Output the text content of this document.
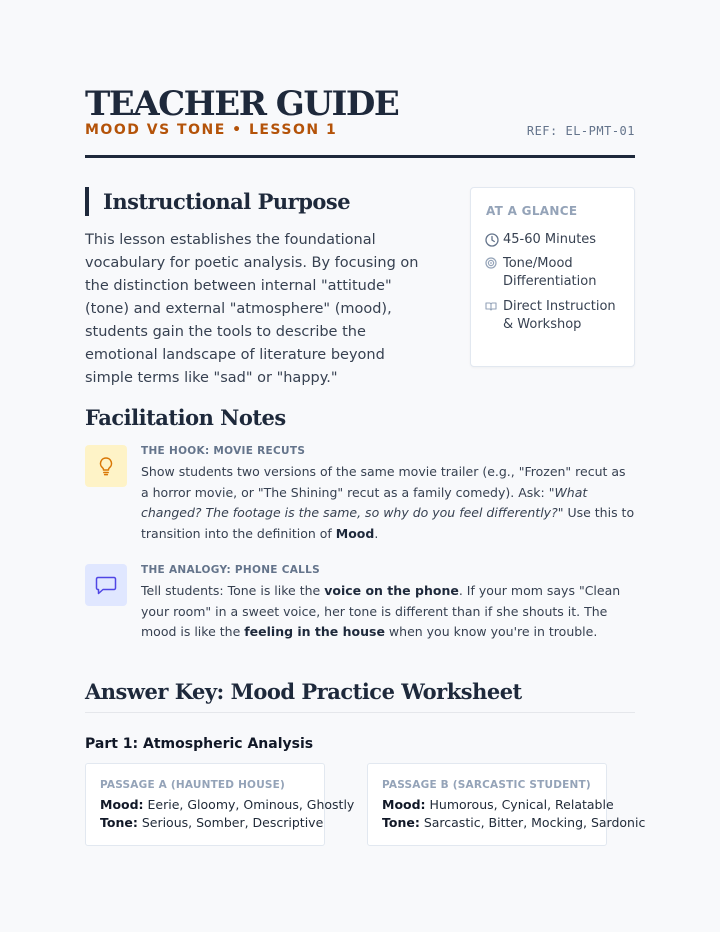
TEACHER GUIDE
MOOD VS TONE • LESSON 1	REF: EL-PMT-01
Instructional Purpose

This lesson establishes the foundational vocabulary for poetic analysis. By focusing on the distinction between internal "attitude" (tone) and external "atmosphere" (mood), students gain the tools to describe the emotional landscape of literature beyond simple terms like "sad" or "happy."

AT A GLANCE
45-60 Minutes
Tone/Mood Differentiation
Direct Instruction & Workshop
Facilitation Notes
THE HOOK: MOVIE RECUTS

Show students two versions of the same movie trailer (e.g., "Frozen" recut as a horror movie, or "The Shining" recut as a family comedy). Ask: "What changed? The footage is the same, so why do you feel differently?" Use this to transition into the definition of Mood.

THE ANALOGY: PHONE CALLS

Tell students: Tone is like the voice on the phone. If your mom says "Clean your room" in a sweet voice, her tone is different than if she shouts it. The mood is like the feeling in the house when you know you're in trouble.

Answer Key: Mood Practice Worksheet
Part 1: Atmospheric Analysis
PASSAGE A (HAUNTED HOUSE)
Mood: Eerie, Gloomy, Ominous, Ghostly
Tone: Serious, Somber, Descriptive
PASSAGE B (SARCASTIC STUDENT)
Mood: Humorous, Cynical, Relatable
Tone: Sarcastic, Bitter, Mocking, Sardonic
